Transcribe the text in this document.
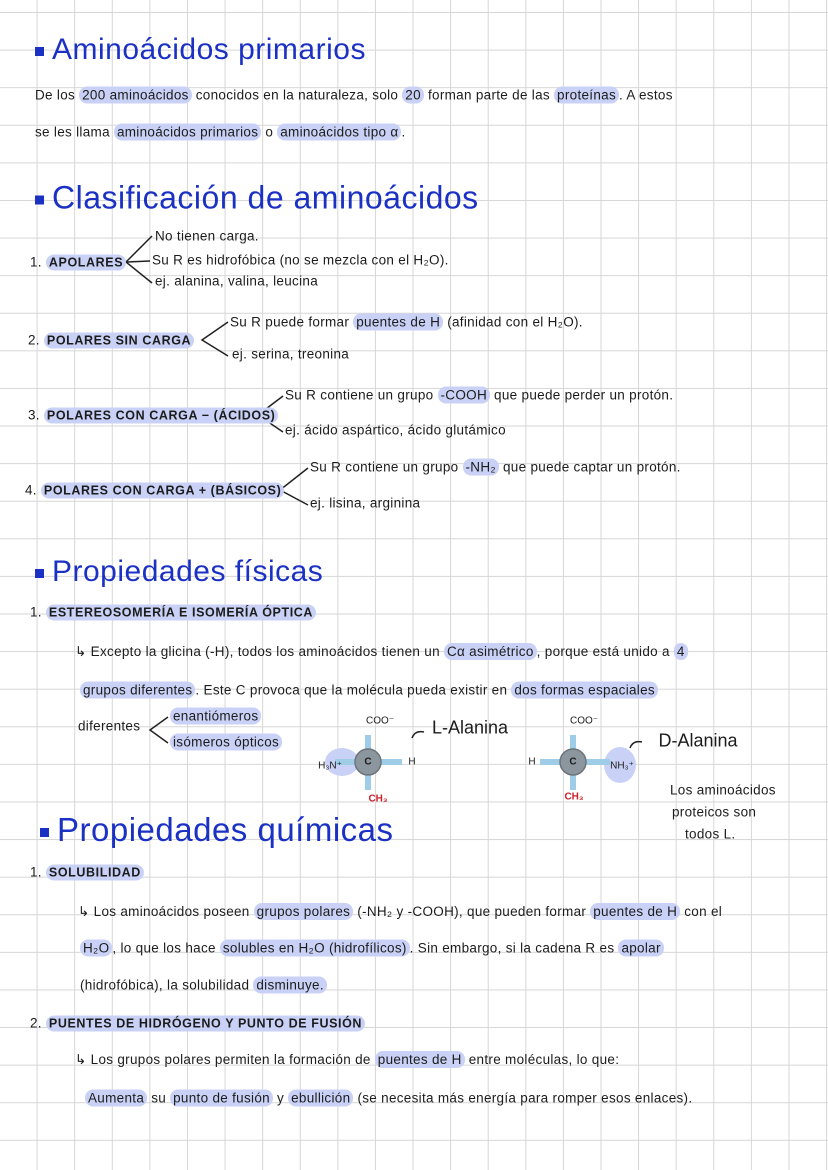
Aminoácidos primarios
Clasificación de aminoácidos
Propiedades físicas
Propiedades químicas
COO⁻
H₃N⁺ C	H
CH₃
L-Alanina	COO⁻
H	C	NH₃⁺
CH₃
D-Alanina
De los 200 aminoácidos conocidos en la naturaleza, solo 20 forman parte de las proteínas . A estos
se les llama aminoácidos primarios o aminoácidos tipo α .
1. APOLARES
No tienen carga.
Su R es hidrofóbica (no se mezcla con el H₂O).
ej. alanina, valina, leucina
2. POLARES SIN CARGA
Su R puede formar puentes de H (afinidad con el H₂O).
ej. serina, treonina
3. POLARES CON CARGA − (ÁCIDOS)
Su R contiene un grupo -COOH que puede perder un protón.
ej. ácido aspártico, ácido glutámico
4. POLARES CON CARGA + (BÁSICOS)
Su R contiene un grupo -NH₂ que puede captar un protón.
ej. lisina, arginina
1. ESTEREOSOMERÍA E ISOMERÍA ÓPTICA
↳ Excepto la glicina (-H), todos los aminoácidos tienen un Cα asimétrico , porque está unido a 4
grupos diferentes . Este C provoca que la molécula pueda existir en dos formas espaciales
diferentes
enantiómeros
isómeros ópticos
Los aminoácidos
proteicos son
todos L.
1. SOLUBILIDAD
↳ Los aminoácidos poseen grupos polares (-NH₂ y -COOH), que pueden formar puentes de H con el
H₂O , lo que los hace solubles en H₂O (hidrofílicos) . Sin embargo, si la cadena R es apolar
(hidrofóbica), la solubilidad disminuye.
2. PUENTES DE HIDRÓGENO Y PUNTO DE FUSIÓN
↳ Los grupos polares permiten la formación de puentes de H entre moléculas, lo que:
Aumenta su punto de fusión y ebullición (se necesita más energía para romper esos enlaces).
